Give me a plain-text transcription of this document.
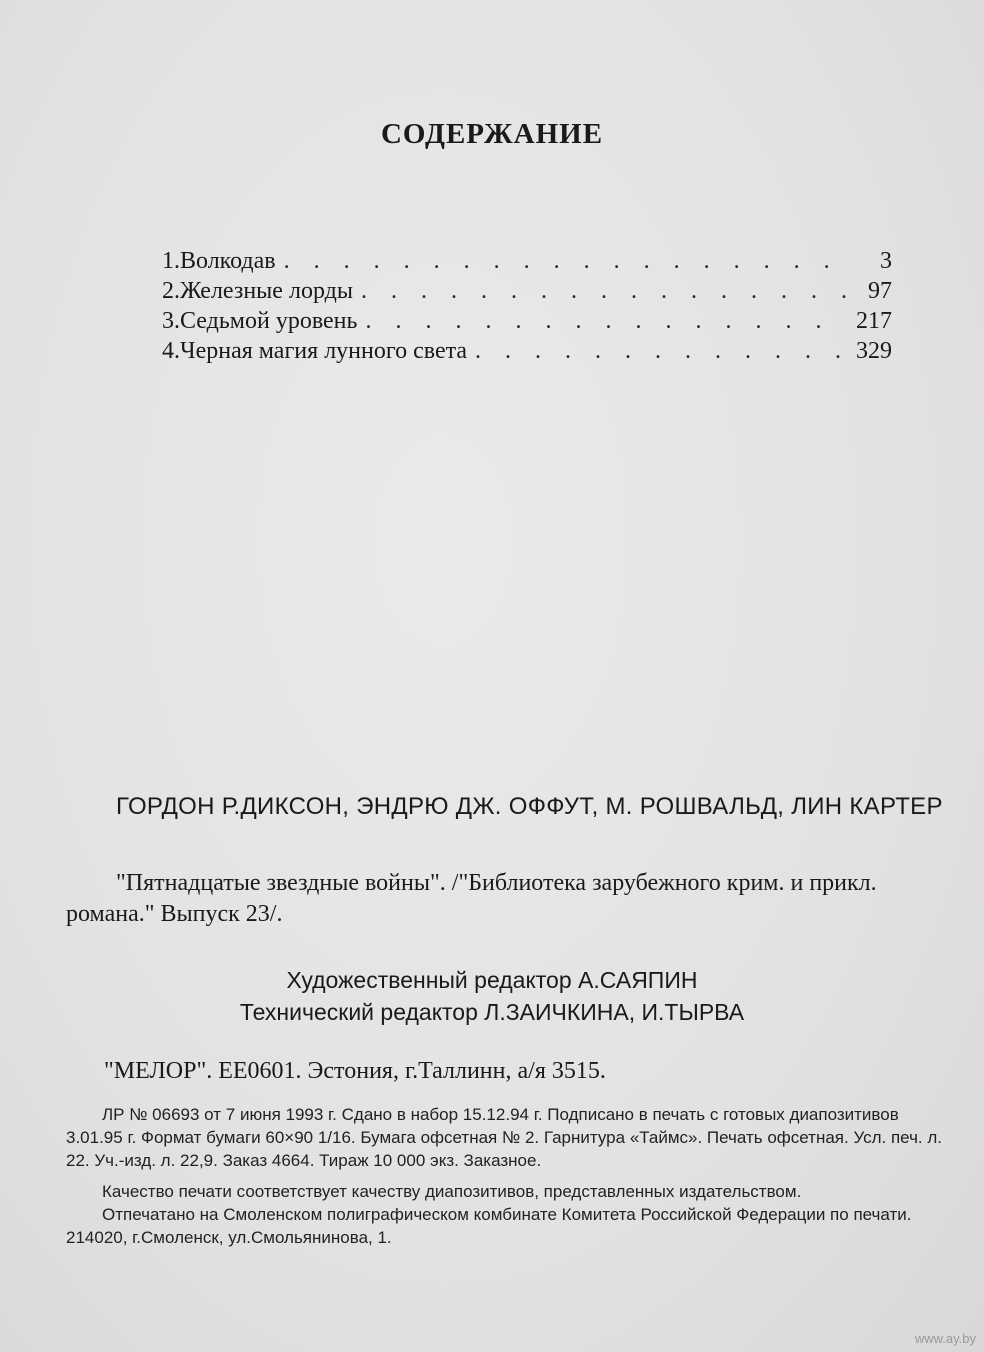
СОДЕРЖАНИЕ
1. Волкодав . . .	3
2. Железные лорды . . .	97
3. Седьмой уровень . . .	217
4. Черная магия лунного света . . .	329
ГОРДОН Р.ДИКСОН, ЭНДРЮ ДЖ. ОФФУТ, М. РОШВАЛЬД, ЛИН КАРТЕР
"Пятнадцатые звездные войны". /"Библиотека зарубежного крим. и прикл. романа." Выпуск 23/.
Художественный редактор А.САЯПИН
Технический редактор Л.ЗАИЧКИНА, И.ТЫРВА
"МЕЛОР". ЕЕ0601. Эстония, г.Таллинн, а/я 3515.

ЛР № 06693 от 7 июня 1993 г. Сдано в набор 15.12.94 г. Подписано в печать с готовых диапозитивов 3.01.95 г. Формат бумаги 60×90 1/16. Бумага офсетная № 2. Гарнитура «Таймс». Печать офсетная. Усл. печ. л. 22. Уч.-изд. л. 22,9. Заказ 4664. Тираж 10 000 экз. Заказное.

Качество печати соответствует качеству диапозитивов, представленных издательством.

Отпечатано на Смоленском полиграфическом комбинате Комитета Российской Федерации по печати. 214020, г.Смоленск, ул.Смольянинова, 1.

www.ay.by
